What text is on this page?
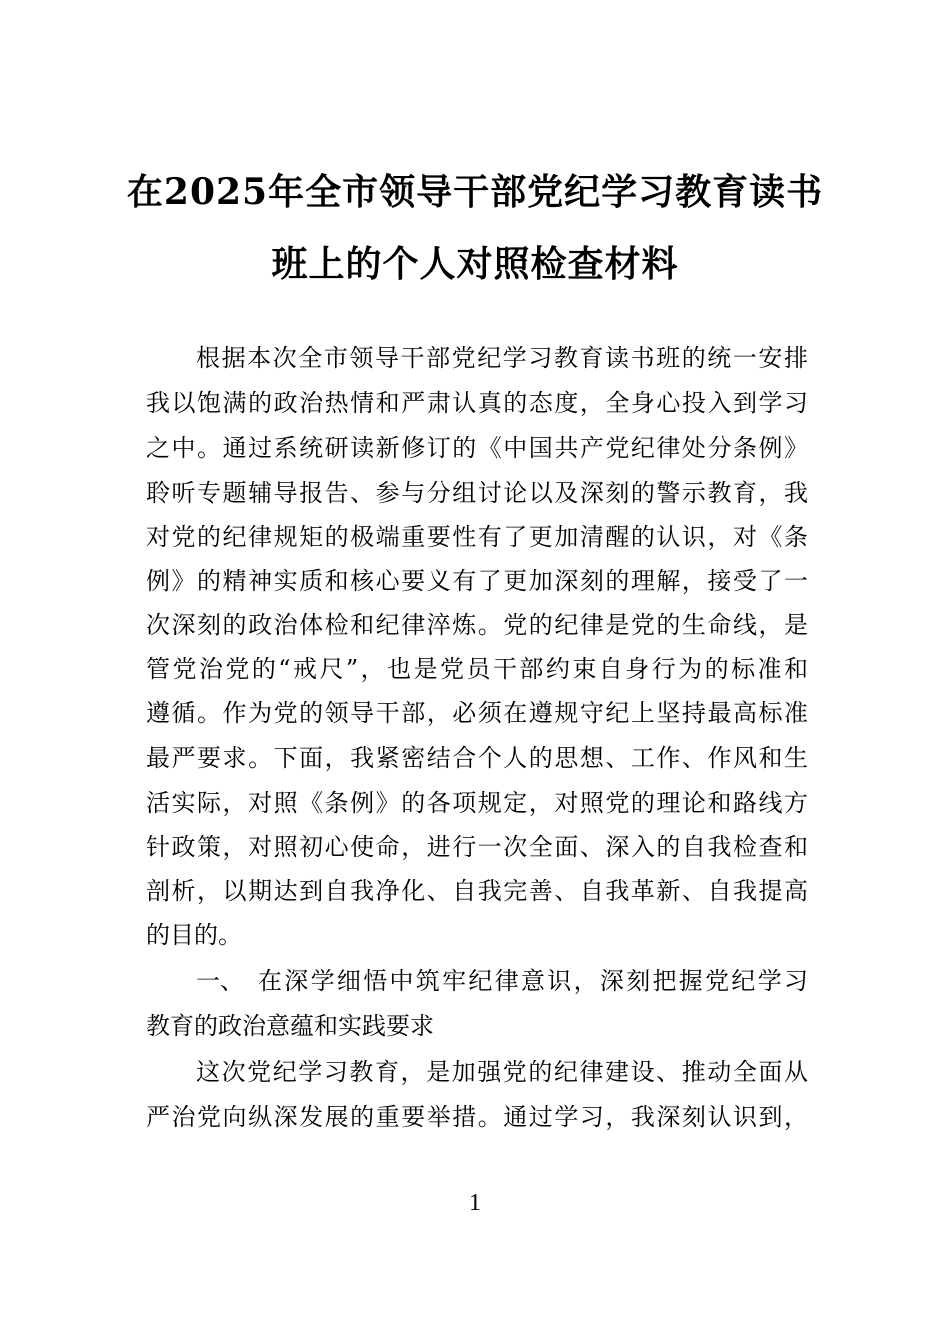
在2025年全市领导干部党纪学习教育读书
班上的个人对照检查材料
根据本次全市领导干部党纪学习教育读书班的统一安排
我以饱满的政治热情和严肃认真的态度，全身心投入到学习
之中。通过系统研读新修订的《中国共产党纪律处分条例》
聆听专题辅导报告、参与分组讨论以及深刻的警示教育，我
对党的纪律规矩的极端重要性有了更加清醒的认识，对《条
例》的精神实质和核心要义有了更加深刻的理解，接受了一
次深刻的政治体检和纪律淬炼。党的纪律是党的生命线，是
管党治党的“戒尺”，也是党员干部约束自身行为的标准和
遵循。作为党的领导干部，必须在遵规守纪上坚持最高标准
最严要求。下面，我紧密结合个人的思想、工作、作风和生
活实际，对照《条例》的各项规定，对照党的理论和路线方
针政策，对照初心使命，进行一次全面、深入的自我检查和
剖析，以期达到自我净化、自我完善、自我革新、自我提高
的目的。
一、 在深学细悟中筑牢纪律意识，深刻把握党纪学习
教育的政治意蕴和实践要求
这次党纪学习教育，是加强党的纪律建设、推动全面从
严治党向纵深发展的重要举措。通过学习，我深刻认识到，
1
